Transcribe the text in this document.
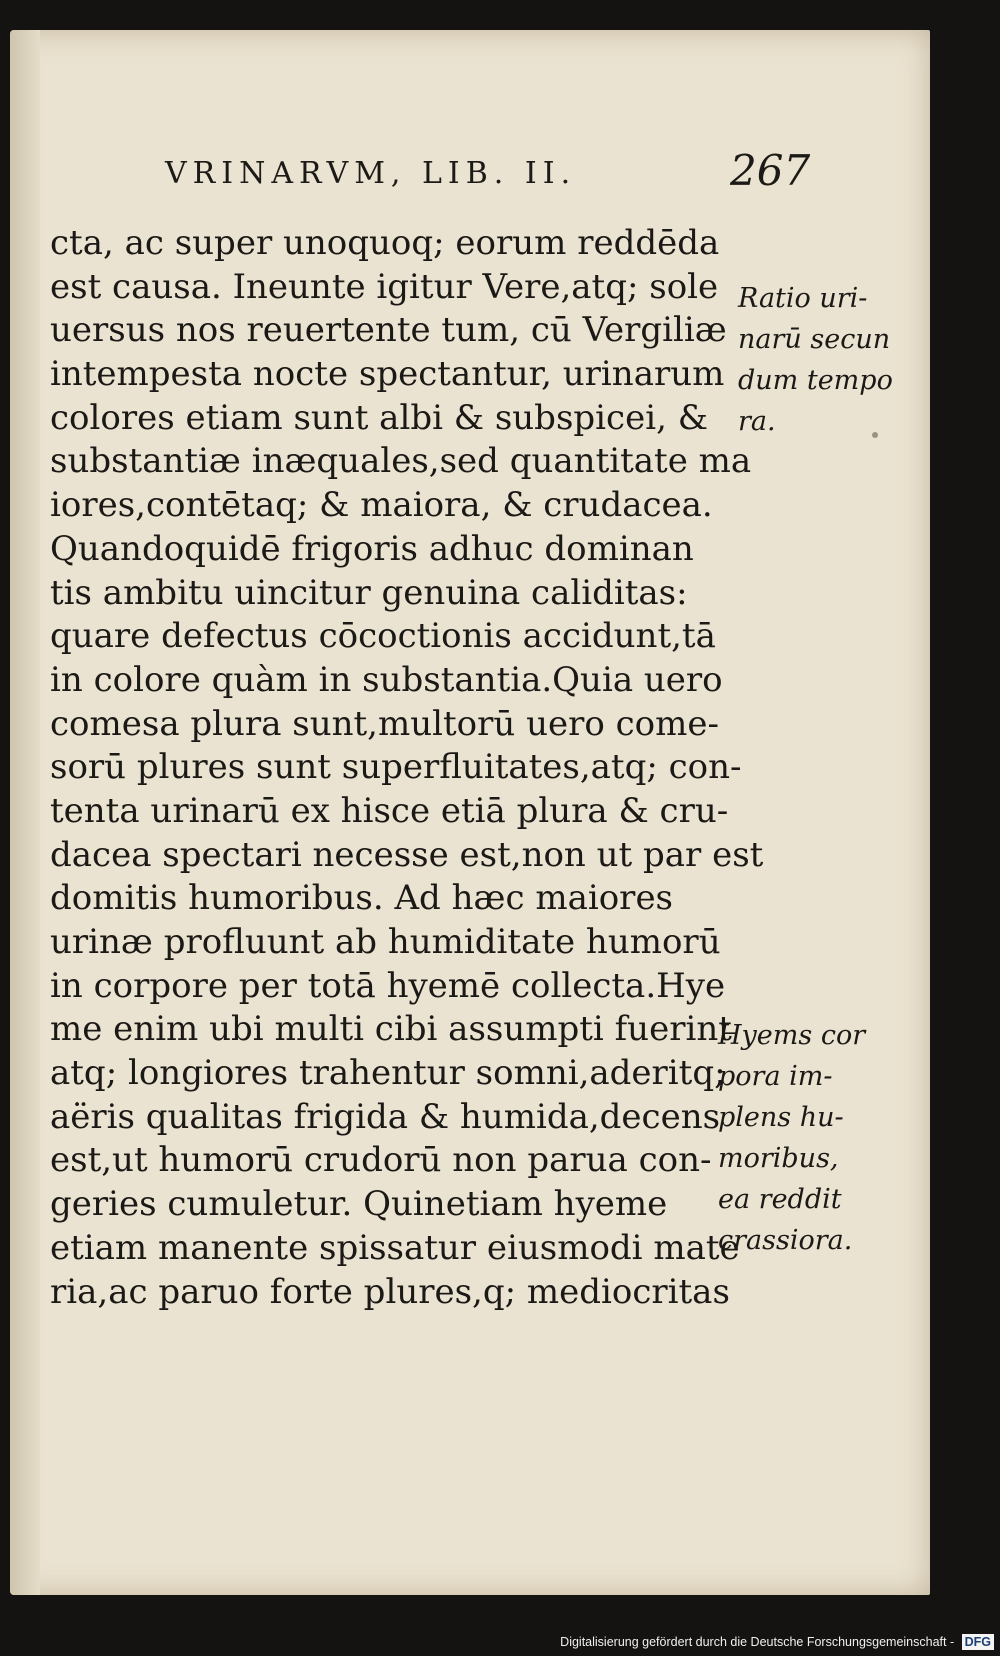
VRINARVM, LIB. II.	267
cta, ac super unoquoq; eorum reddēda
est causa. Ineunte igitur Vere,atq; sole
uersus nos reuertente tum, cū Vergiliæ
intempesta nocte spectantur, urinarum
colores etiam sunt albi & subspicei, &
substantiæ inæquales,sed quantitate ma
iores,contētaq; & maiora, & crudacea.
Quandoquidē frigoris adhuc dominan
tis ambitu uincitur genuina caliditas:
quare defectus cōcoctionis accidunt,tā
in colore quàm in substantia.Quia uero
comesa plura sunt,multorū uero come-
sorū plures sunt superfluitates,atq; con-
tenta urinarū ex hisce etiā plura & cru-
dacea spectari necesse est,non ut par est
domitis humoribus. Ad hæc maiores
urinæ profluunt ab humiditate humorū
in corpore per totā hyemē collecta.Hye
me enim ubi multi cibi assumpti fuerint
atq; longiores trahentur somni,aderitq;
aëris qualitas frigida & humida,decens
est,ut humorū crudorū non parua con-
geries cumuletur. Quinetiam hyeme
etiam manente spissatur eiusmodi mate
ria,ac paruo forte plures,q; mediocritas
Ratio uri-
narū secun
dum tempo
ra.
Hyems cor
pora im-
plens hu-
moribus,
ea reddit
crassiora.
Digitalisierung gefördert durch die Deutsche Forschungsgemeinschaft - DFG
